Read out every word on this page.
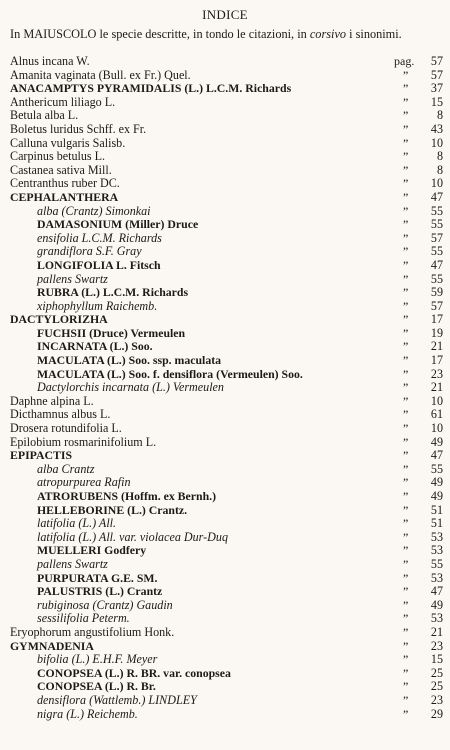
INDICE
In MAIUSCOLO le specie descritte, in tondo le citazioni, in corsivo i sinonimi.
Alnus incana W.	pag. 57
Amanita vaginata (Bull. ex Fr.) Quel.	” 57
ANACAMPTYS PYRAMIDALIS (L.) L.C.M. Richards	” 37
Anthericum liliago L.	” 15
Betula alba L.	” 8
Boletus luridus Schff. ex Fr.	” 43
Calluna vulgaris Salisb.	” 10
Carpinus betulus L.	” 8
Castanea sativa Mill.	” 8
Centranthus ruber DC.	” 10
CEPHALANTHERA	” 47
alba (Crantz) Simonkai	” 55
DAMASONIUM (Miller) Druce	” 55
ensifolia L.C.M. Richards	” 57
grandiflora S.F. Gray	” 55
LONGIFOLIA L. Fitsch	” 47
pallens Swartz	” 55
RUBRA (L.) L.C.M. Richards	” 59
xiphophyllum Raichemb.	” 57
DACTYLORIZHA	” 17
FUCHSII (Druce) Vermeulen	” 19
INCARNATA (L.) Soo.	” 21
MACULATA (L.) Soo. ssp. maculata	” 17
MACULATA (L.) Soo. f. densiflora (Vermeulen) Soo.	” 23
Dactylorchis incarnata (L.) Vermeulen	” 21
Daphne alpina L.	” 10
Dicthamnus albus L.	” 61
Drosera rotundifolia L.	” 10
Epilobium rosmarinifolium L.	” 49
EPIPACTIS	” 47
alba Crantz	” 55
atropurpurea Rafin	” 49
ATRORUBENS (Hoffm. ex Bernh.)	” 49
HELLEBORINE (L.) Crantz.	” 51
latifolia (L.) All.	” 51
latifolia (L.) All. var. violacea Dur-Duq	” 53
MUELLERI Godfery	” 53
pallens Swartz	” 55
PURPURATA G.E. SM.	” 53
PALUSTRIS (L.) Crantz	” 47
rubiginosa (Crantz) Gaudin	” 49
sessilifolia Peterm.	” 53
Eryophorum angustifolium Honk.	” 21
GYMNADENIA	” 23
bifolia (L.) E.H.F. Meyer	” 15
CONOPSEA (L.) R. BR. var. conopsea	” 25
CONOPSEA (L.) R. Br.	” 25
densiflora (Wattlemb.) LINDLEY	” 23
nigra (L.) Reichemb.	” 29
